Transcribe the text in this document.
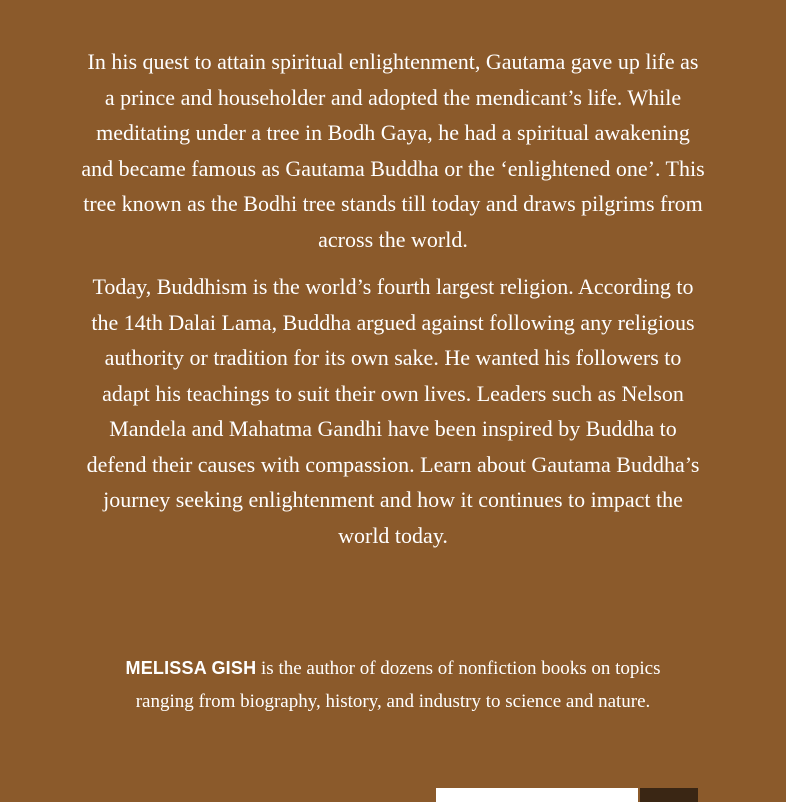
In his quest to attain spiritual enlightenment, Gautama gave up life as a prince and householder and adopted the mendicant’s life. While meditating under a tree in Bodh Gaya, he had a spiritual awakening and became famous as Gautama Buddha or the ‘enlightened one’. This tree known as the Bodhi tree stands till today and draws pilgrims from across the world.

Today, Buddhism is the world’s fourth largest religion. According to the 14th Dalai Lama, Buddha argued against following any religious authority or tradition for its own sake. He wanted his followers to adapt his teachings to suit their own lives. Leaders such as Nelson Mandela and Mahatma Gandhi have been inspired by Buddha to defend their causes with compassion. Learn about Gautama Buddha’s journey seeking enlightenment and how it continues to impact the world today.

MELISSA GISH is the author of dozens of nonfiction books on topics ranging from biography, history, and industry to science and nature.
